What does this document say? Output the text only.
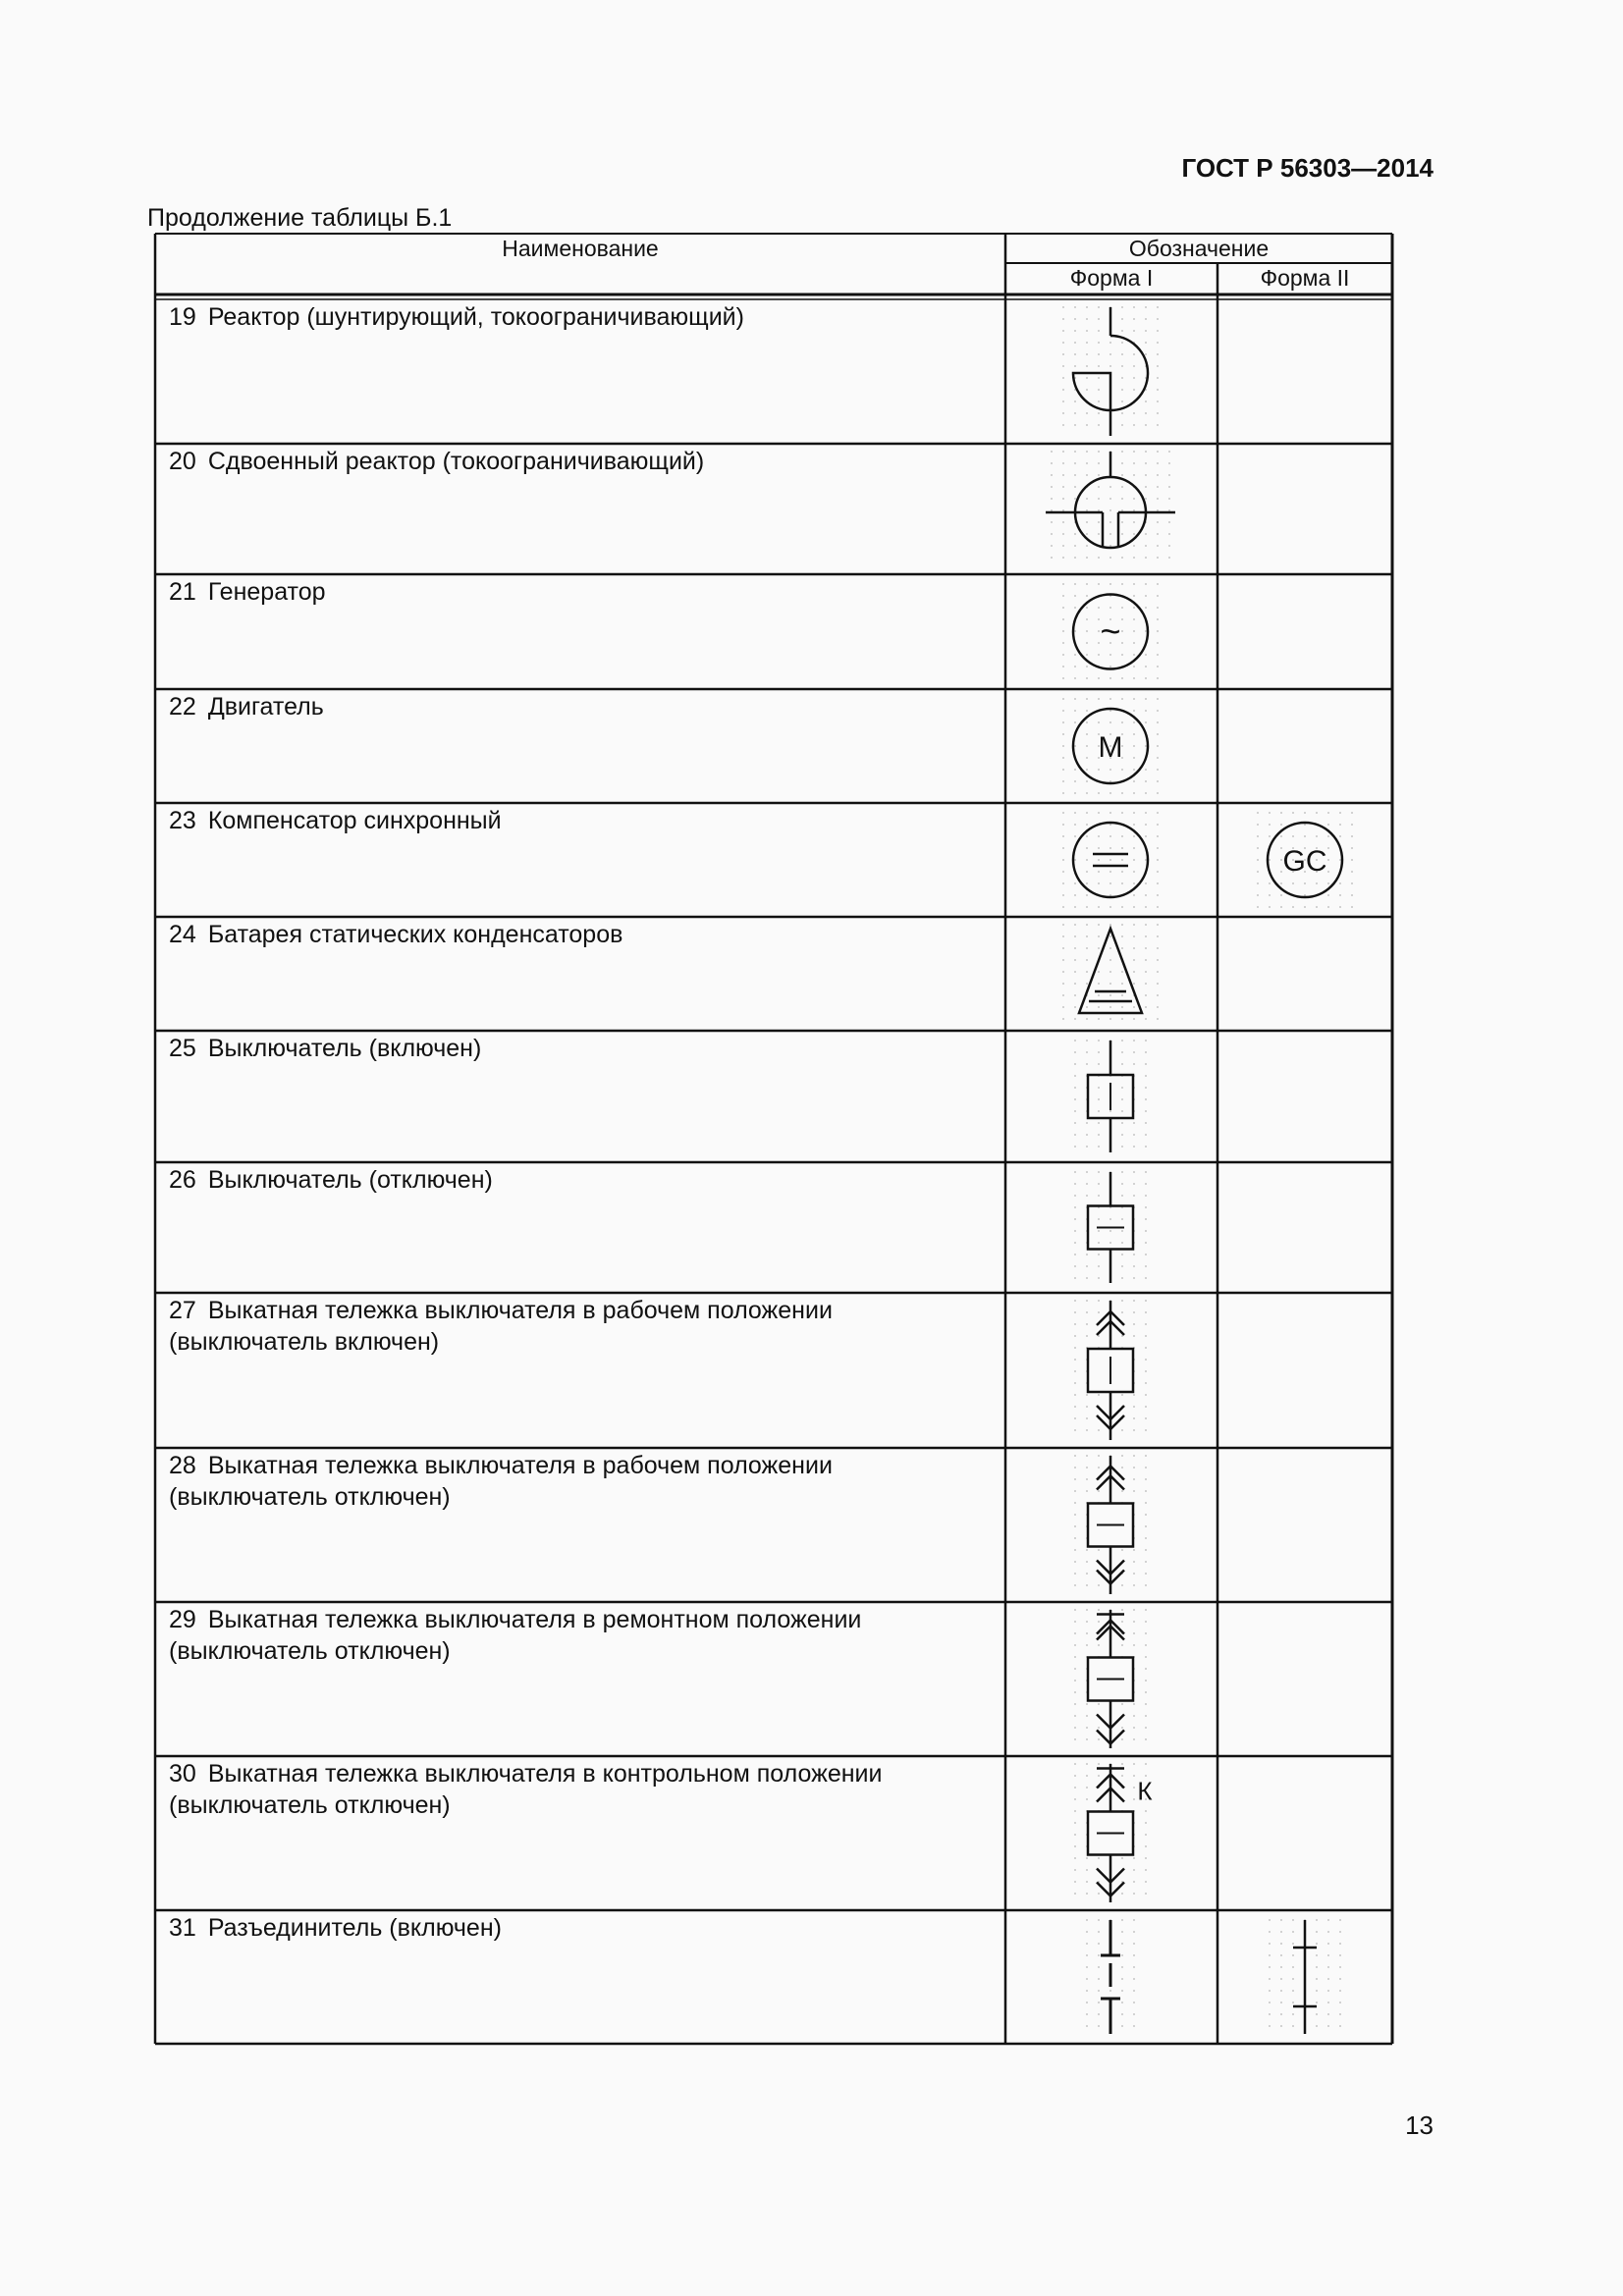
ГОСТ Р 56303—2014
Продолжение таблицы Б.1
~
M
GC
К
Наименование	Обозначение
Форма I	Форма II
19 Реактор (шунтирующий, токоограничивающий)
20 Сдвоенный реактор (токоограничивающий)
21 Генератор
22 Двигатель
23 Компенсатор синхронный
24 Батарея статических конденсаторов
25 Выключатель (включен)
26 Выключатель (отключен)
27 Выкатная тележка выключателя в рабочем положении
(выключатель включен)
28 Выкатная тележка выключателя в рабочем положении
(выключатель отключен)
29 Выкатная тележка выключателя в ремонтном положении
(выключатель отключен)
30 Выкатная тележка выключателя в контрольном положении
(выключатель отключен)
31 Разъединитель (включен)
13
